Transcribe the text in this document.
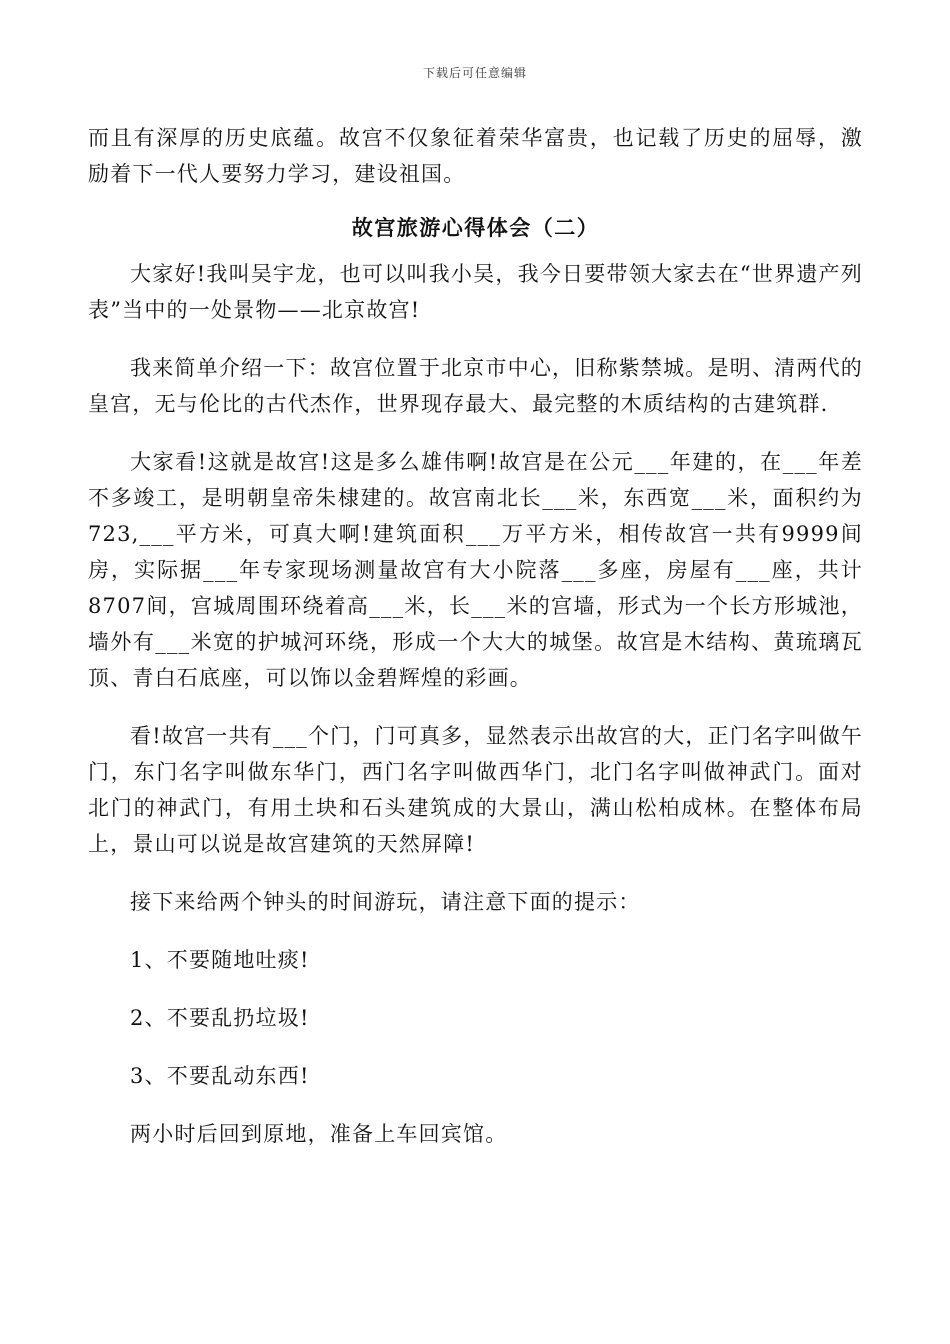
下载后可任意编辑

而且有深厚的历史底蕴。故宫不仅象征着荣华富贵，也记载了历史的屈辱，激励着下一代人要努力学习，建设祖国。

故宫旅游心得体会（二）

大家好!我叫吴宇龙，也可以叫我小吴，我今日要带领大家去在“世界遗产列表”当中的一处景物——北京故宫!

我来简单介绍一下：故宫位置于北京市中心，旧称紫禁城。是明、清两代的皇宫，无与伦比的古代杰作，世界现存最大、最完整的木质结构的古建筑群.

大家看!这就是故宫!这是多么雄伟啊!故宫是在公元___年建的，在___年差不多竣工，是明朝皇帝朱棣建的。故宫南北长___米，东西宽___米，面积约为723,___平方米，可真大啊!建筑面积___万平方米，相传故宫一共有9999间房，实际据___年专家现场测量故宫有大小院落___多座，房屋有___座，共计8707间，宫城周围环绕着高___米，长___米的宫墙，形式为一个长方形城池，墙外有___米宽的护城河环绕，形成一个大大的城堡。故宫是木结构、黄琉璃瓦顶、青白石底座，可以饰以金碧辉煌的彩画。

看!故宫一共有___个门，门可真多，显然表示出故宫的大，正门名字叫做午门，东门名字叫做东华门，西门名字叫做西华门，北门名字叫做神武门。面对北门的神武门，有用土块和石头建筑成的大景山，满山松柏成林。在整体布局上，景山可以说是故宫建筑的天然屏障!

接下来给两个钟头的时间游玩，请注意下面的提示：

1、不要随地吐痰!

2、不要乱扔垃圾!

3、不要乱动东西!

两小时后回到原地，准备上车回宾馆。
